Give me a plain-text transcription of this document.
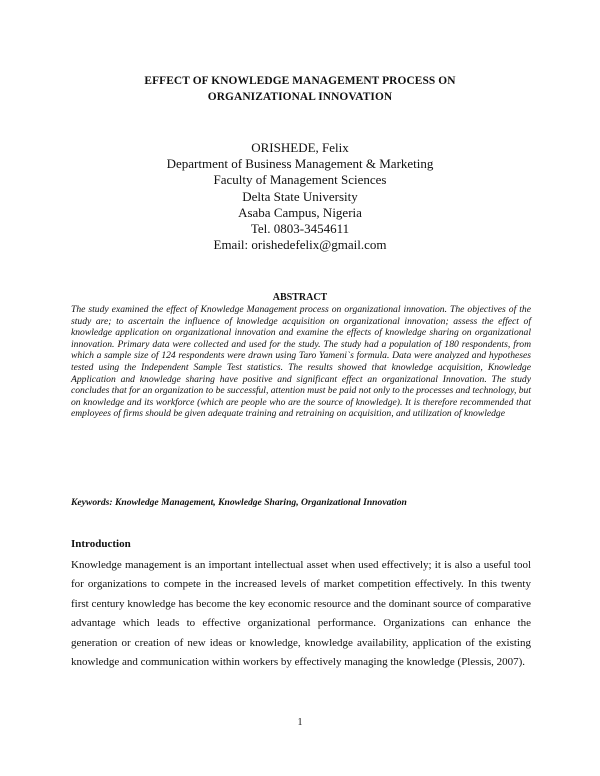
EFFECT OF KNOWLEDGE MANAGEMENT PROCESS ON
ORGANIZATIONAL INNOVATION
ORISHEDE, Felix
Department of Business Management & Marketing
Faculty of Management Sciences
Delta State University
Asaba Campus, Nigeria
Tel. 0803-3454611
Email: orishedefelix@gmail.com
ABSTRACT

The study examined the effect of Knowledge Management process on organizational innovation. The objectives of the study are; to ascertain the influence of knowledge acquisition on organizational innovation; assess the effect of knowledge application on organizational innovation and examine the effects of knowledge sharing on organizational innovation. Primary data were collected and used for the study. The study had a population of 180 respondents, from which a sample size of 124 respondents were drawn using Taro Yameni`s formula. Data were analyzed and hypotheses tested using the Independent Sample Test statistics. The results showed that knowledge acquisition, Knowledge Application and knowledge sharing have positive and significant effect an organizational Innovation. The study concludes that for an organization to be successful, attention must be paid not only to the processes and technology, but on knowledge and its workforce (which are people who are the source of knowledge). It is therefore recommended that employees of firms should be given adequate training and retraining on acquisition, and utilization of knowledge

Keywords: Knowledge Management, Knowledge Sharing, Organizational Innovation

Introduction

Knowledge management is an important intellectual asset when used effectively; it is also a useful tool for organizations to compete in the increased levels of market competition effectively. In this twenty first century knowledge has become the key economic resource and the dominant source of comparative advantage which leads to effective organizational performance. Organizations can enhance the generation or creation of new ideas or knowledge, knowledge availability, application of the existing knowledge and communication within workers by effectively managing the knowledge (Plessis, 2007).

1
